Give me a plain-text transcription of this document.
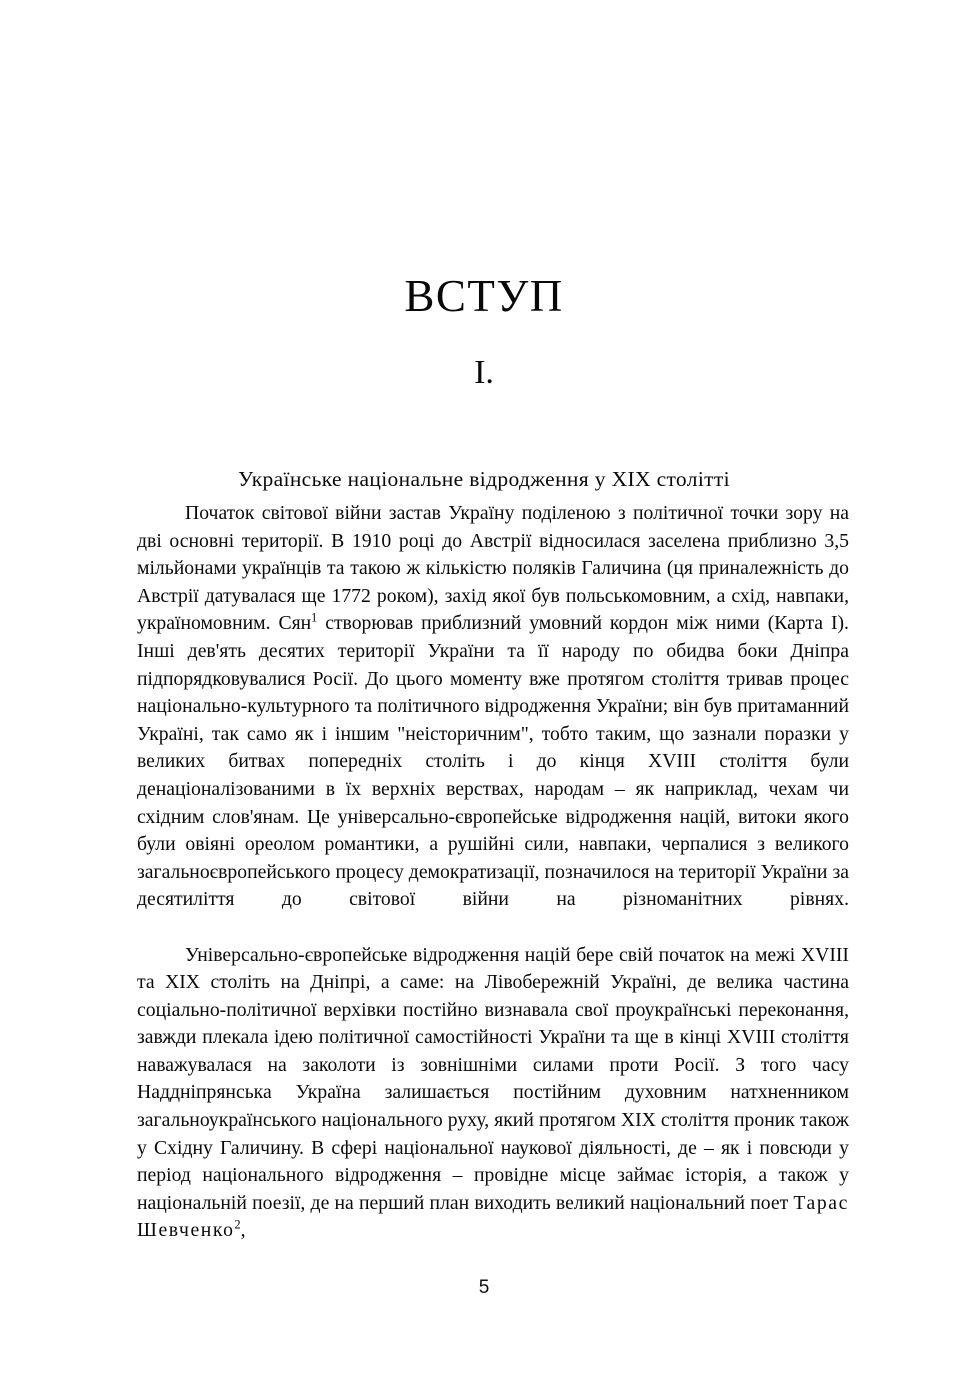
ВСТУП
I.
Українське національне відродження у XIX столітті

Початок світової війни застав Україну поділеною з політичної точки зору на дві основні території. В 1910 році до Австрії відносилася заселена приблизно 3,5 мільйонами українців та такою ж кількістю поляків Галичина (ця приналежність до Австрії датувалася ще 1772 роком), захід якої був польськомовним, а схід, навпаки, україномовним. Сян$^1$ створював приблизний умовний кордон між ними (Карта I). Інші дев'ять десятих території України та її народу по обидва боки Дніпра підпорядковувалися Росії. До цього моменту вже протягом століття тривав процес національно-культурного та політичного відродження України; він був притаманний Україні, так само як і іншим "неісторичним", тобто таким, що зазнали поразки у великих битвах попередніх століть і до кінця XVIII століття були денаціоналізованими в їх верхніх верствах, народам – як наприклад, чехам чи східним слов'янам. Це універсально-європейське відродження націй, витоки якого були овіяні ореолом романтики, а рушійні сили, навпаки, черпалися з великого загальноєвропейського процесу демократизації, позначилося на території України за десятиліття до світової війни на різноманітних рівнях.

Універсально-європейське відродження націй бере свій початок на межі XVIII та XIX століть на Дніпрі, а саме: на Лівобережній Україні, де велика частина соціально-політичної верхівки постійно визнавала свої проукраїнські переконання, завжди плекала ідею політичної самостійності України та ще в кінці XVIII століття наважувалася на заколоти із зовнішніми силами проти Росії. З того часу Наддніпрянська Україна залишається постійним духовним натхненником загальноукраїнського національного руху, який протягом XIX століття проник також у Східну Галичину. В сфері національної наукової діяльності, де – як і повсюди у період національного відродження – провідне місце займає історія, а також у національній поезії, де на перший план виходить великий національний поет Тарас Шевченко$^2$,

5
